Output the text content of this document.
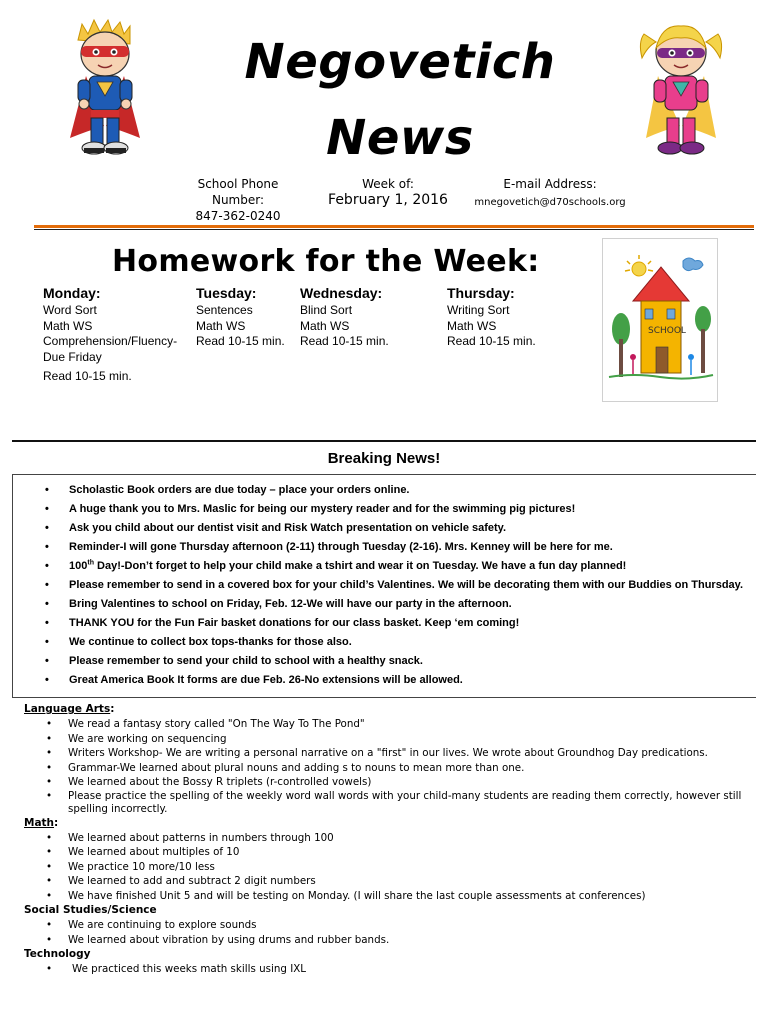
Negovetich
News
School Phone
Number:
847-362-0240
Week of:
February 1, 2016
E-mail Address:
mnegovetich@d70schools.org
Homework for the Week:
Monday:
Word Sort
Math WS
Comprehension/Fluency-
Due Friday
Read 10-15 min.
Tuesday:
Sentences
Math WS
Read 10-15 min.
Wednesday:
Blind Sort
Math WS
Read 10-15 min.
Thursday:
Writing Sort
Math WS
Read 10-15 min.
SCHOOL
Breaking News!
• Scholastic Book orders are due today – place your orders online.
• A huge thank you to Mrs. Maslic for being our mystery reader and for the swimming pig pictures!
• Ask you child about our dentist visit and Risk Watch presentation on vehicle safety.
• Reminder-I will gone Thursday afternoon (2-11) through Tuesday (2-16). Mrs. Kenney will be here for me.
• 100th Day!-Don’t forget to help your child make a tshirt and wear it on Tuesday. We have a fun day planned!
• Please remember to send in a covered box for your child’s Valentines. We will be decorating them with our Buddies on Thursday.
• Bring Valentines to school on Friday, Feb. 12-We will have our party in the afternoon.
• THANK YOU for the Fun Fair basket donations for our class basket. Keep ‘em coming!
• We continue to collect box tops-thanks for those also.
• Please remember to send your child to school with a healthy snack.
• Great America Book It forms are due Feb. 26-No extensions will be allowed.
Language Arts:
• We read a fantasy story called "On The Way To The Pond"
• We are working on sequencing
• Writers Workshop- We are writing a personal narrative on a "first" in our lives. We wrote about Groundhog Day predications.
• Grammar-We learned about plural nouns and adding s to nouns to mean more than one.
• We learned about the Bossy R triplets (r-controlled vowels)
• Please practice the spelling of the weekly word wall words with your child-many students are reading them correctly, however still spelling incorrectly.
Math:
• We learned about patterns in numbers through 100
• We learned about multiples of 10
• We practice 10 more/10 less
• We learned to add and subtract 2 digit numbers
• We have finished Unit 5 and will be testing on Monday. (I will share the last couple assessments at conferences)
Social Studies/Science
• We are continuing to explore sounds
• We learned about vibration by using drums and rubber bands.
Technology
• We practiced this weeks math skills using IXL
